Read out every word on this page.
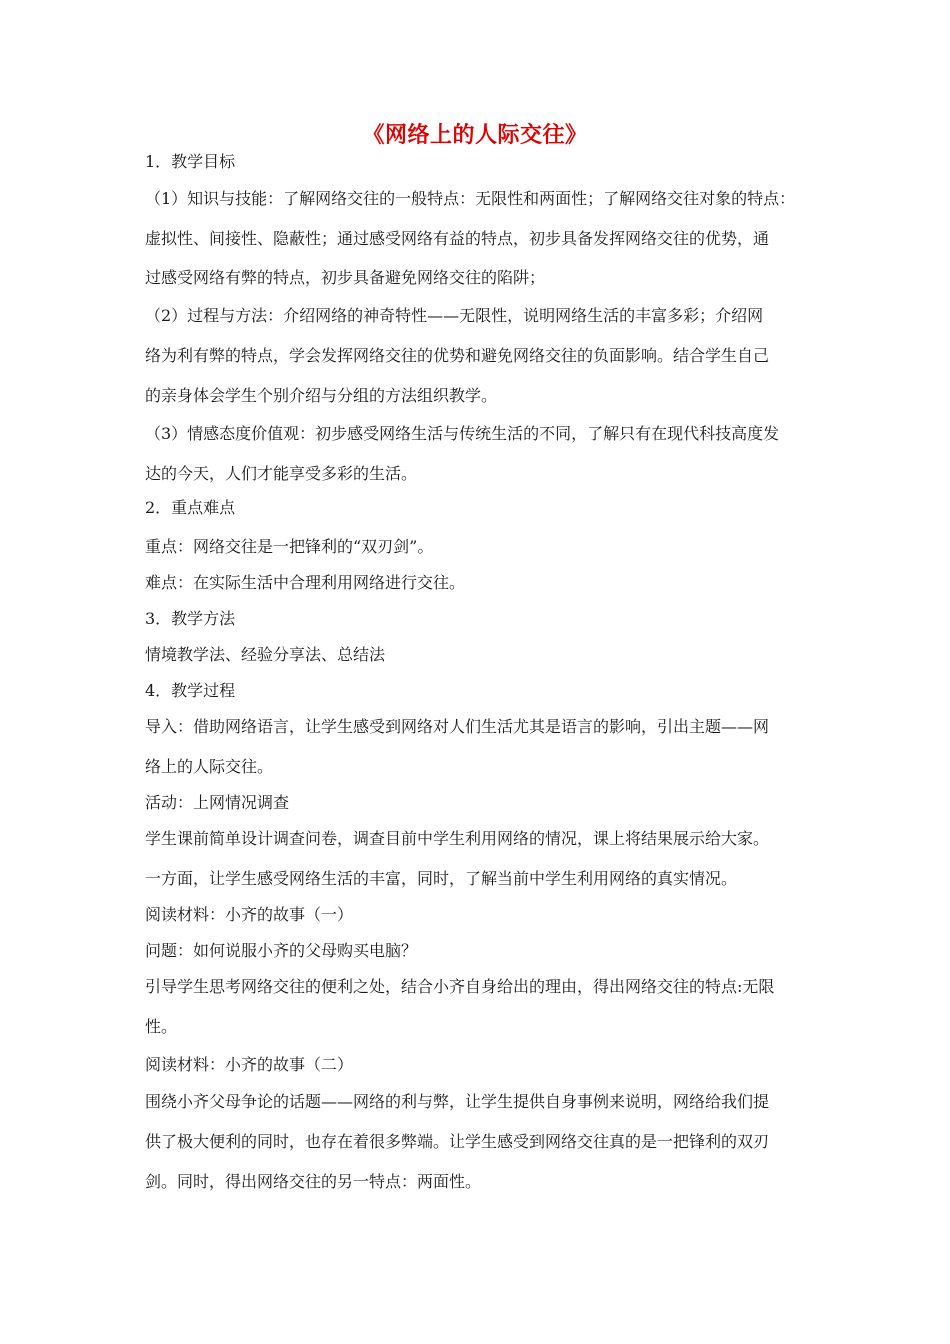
《网络上的人际交往》
1．教学目标
（1）知识与技能：了解网络交往的一般特点：无限性和两面性；了解网络交往对象的特点：
虚拟性、间接性、隐蔽性；通过感受网络有益的特点，初步具备发挥网络交往的优势，通
过感受网络有弊的特点，初步具备避免网络交往的陷阱；
（2）过程与方法：介绍网络的神奇特性——无限性，说明网络生活的丰富多彩；介绍网
络为利有弊的特点，学会发挥网络交往的优势和避免网络交往的负面影响。结合学生自己
的亲身体会学生个别介绍与分组的方法组织教学。
（3）情感态度价值观：初步感受网络生活与传统生活的不同，了解只有在现代科技高度发
达的今天，人们才能享受多彩的生活。
2．重点难点
重点：网络交往是一把锋利的“双刃剑”。
难点：在实际生活中合理利用网络进行交往。
3．教学方法
情境教学法、经验分享法、总结法
4．教学过程
导入：借助网络语言，让学生感受到网络对人们生活尤其是语言的影响，引出主题——网
络上的人际交往。
活动：上网情况调查
学生课前简单设计调查问卷，调查目前中学生利用网络的情况，课上将结果展示给大家。
一方面，让学生感受网络生活的丰富，同时，了解当前中学生利用网络的真实情况。
阅读材料：小齐的故事（一）
问题：如何说服小齐的父母购买电脑？
引导学生思考网络交往的便利之处，结合小齐自身给出的理由，得出网络交往的特点:无限
性。
阅读材料：小齐的故事（二）
围绕小齐父母争论的话题——网络的利与弊，让学生提供自身事例来说明，网络给我们提
供了极大便利的同时，也存在着很多弊端。让学生感受到网络交往真的是一把锋利的双刃
剑。同时，得出网络交往的另一特点：两面性。
